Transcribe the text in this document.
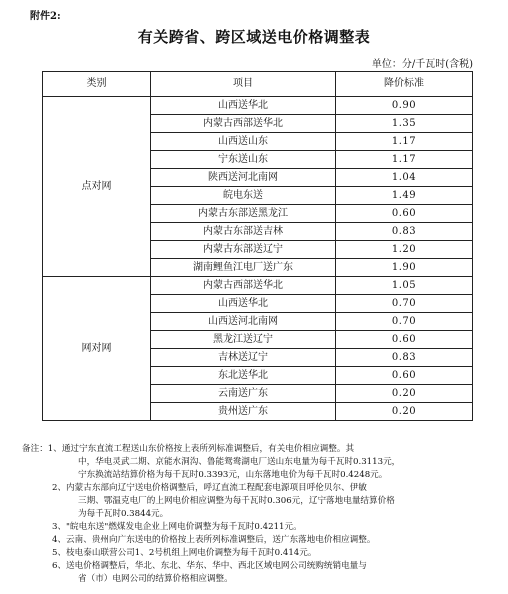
附件2:
有关跨省、跨区域送电价格调整表
单位：分/千瓦时(含税)
类别	项目	降价标准
点对网	山西送华北	0.90
	内蒙古西部送华北	1.35
	山西送山东	1.17
	宁东送山东	1.17
	陕西送河北南网	1.04
	皖电东送	1.49
	内蒙古东部送黑龙江	0.60
	内蒙古东部送吉林	0.83
	内蒙古东部送辽宁	1.20
	湖南鲤鱼江电厂送广东	1.90
网对网	内蒙古西部送华北	1.05
	山西送华北	0.70
	山西送河北南网	0.70
	黑龙江送辽宁	0.60
	吉林送辽宁	0.83
	东北送华北	0.60
	云南送广东	0.20
	贵州送广东	0.20
备注：1、通过宁东直流工程送山东价格按上表所列标准调整后，有关电价相应调整。其
中，华电灵武二期、京能水洞沟、鲁能鸳鸯湖电厂送山东电量为每千瓦时0.3113元，
宁东换流站结算价格为每千瓦时0.3393元，山东落地电价为每千瓦时0.4248元。
2、内蒙古东部向辽宁送电价格调整后，呼辽直流工程配套电源项目呼伦贝尔、伊敏
三期、鄂温克电厂的上网电价相应调整为每千瓦时0.306元，辽宁落地电量结算价格
为每千瓦时0.3844元。
3、"皖电东送"燃煤发电企业上网电价调整为每千瓦时0.4211元。
4、云南、贵州向广东送电的价格按上表所列标准调整后，送广东落地电价相应调整。
5、枝电泰山联营公司1、2号机组上网电价调整为每千瓦时0.414元。
6、送电价格调整后，华北、东北、华东、华中、西北区域电网公司统购统销电量与
省（市）电网公司的结算价格相应调整。
